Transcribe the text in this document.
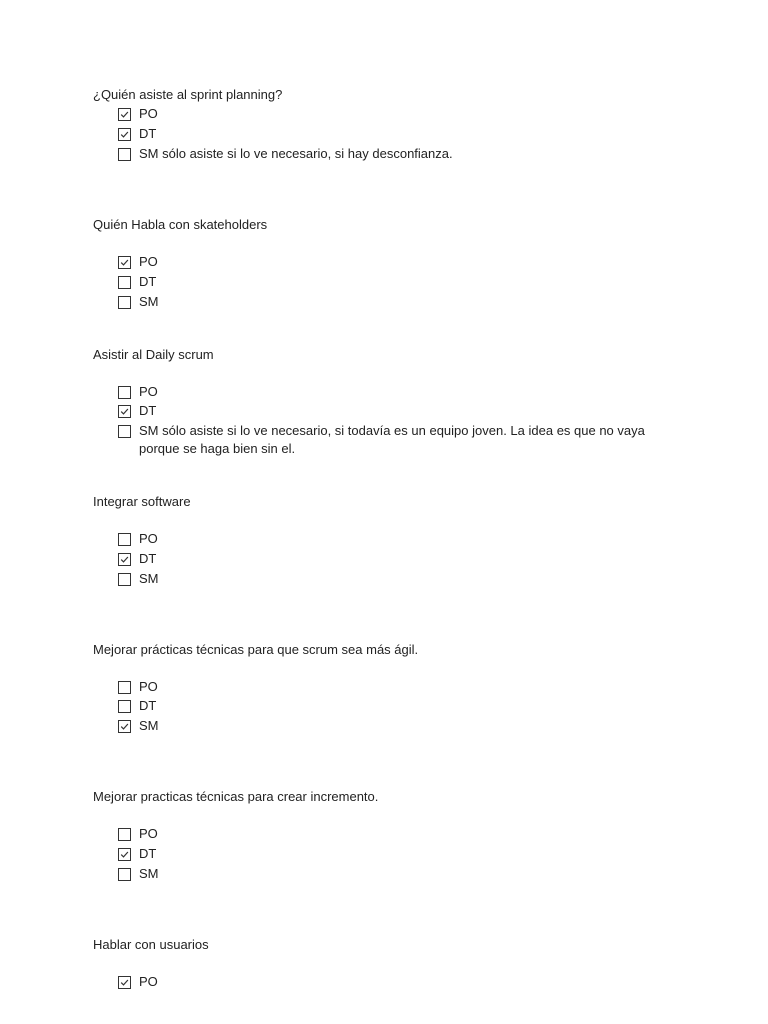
¿Quién asiste al sprint planning?
PO
DT
SM sólo asiste si lo ve necesario, si hay desconfianza.
Quién Habla con skateholders
PO
DT
SM
Asistir al Daily scrum
PO
DT
SM sólo asiste si lo ve necesario, si todavía es un equipo joven. La idea es que no vaya porque se haga bien sin el.
Integrar software
PO
DT
SM
Mejorar prácticas técnicas para que scrum sea más ágil.
PO
DT
SM
Mejorar practicas técnicas para crear incremento.
PO
DT
SM
Hablar con usuarios
PO
